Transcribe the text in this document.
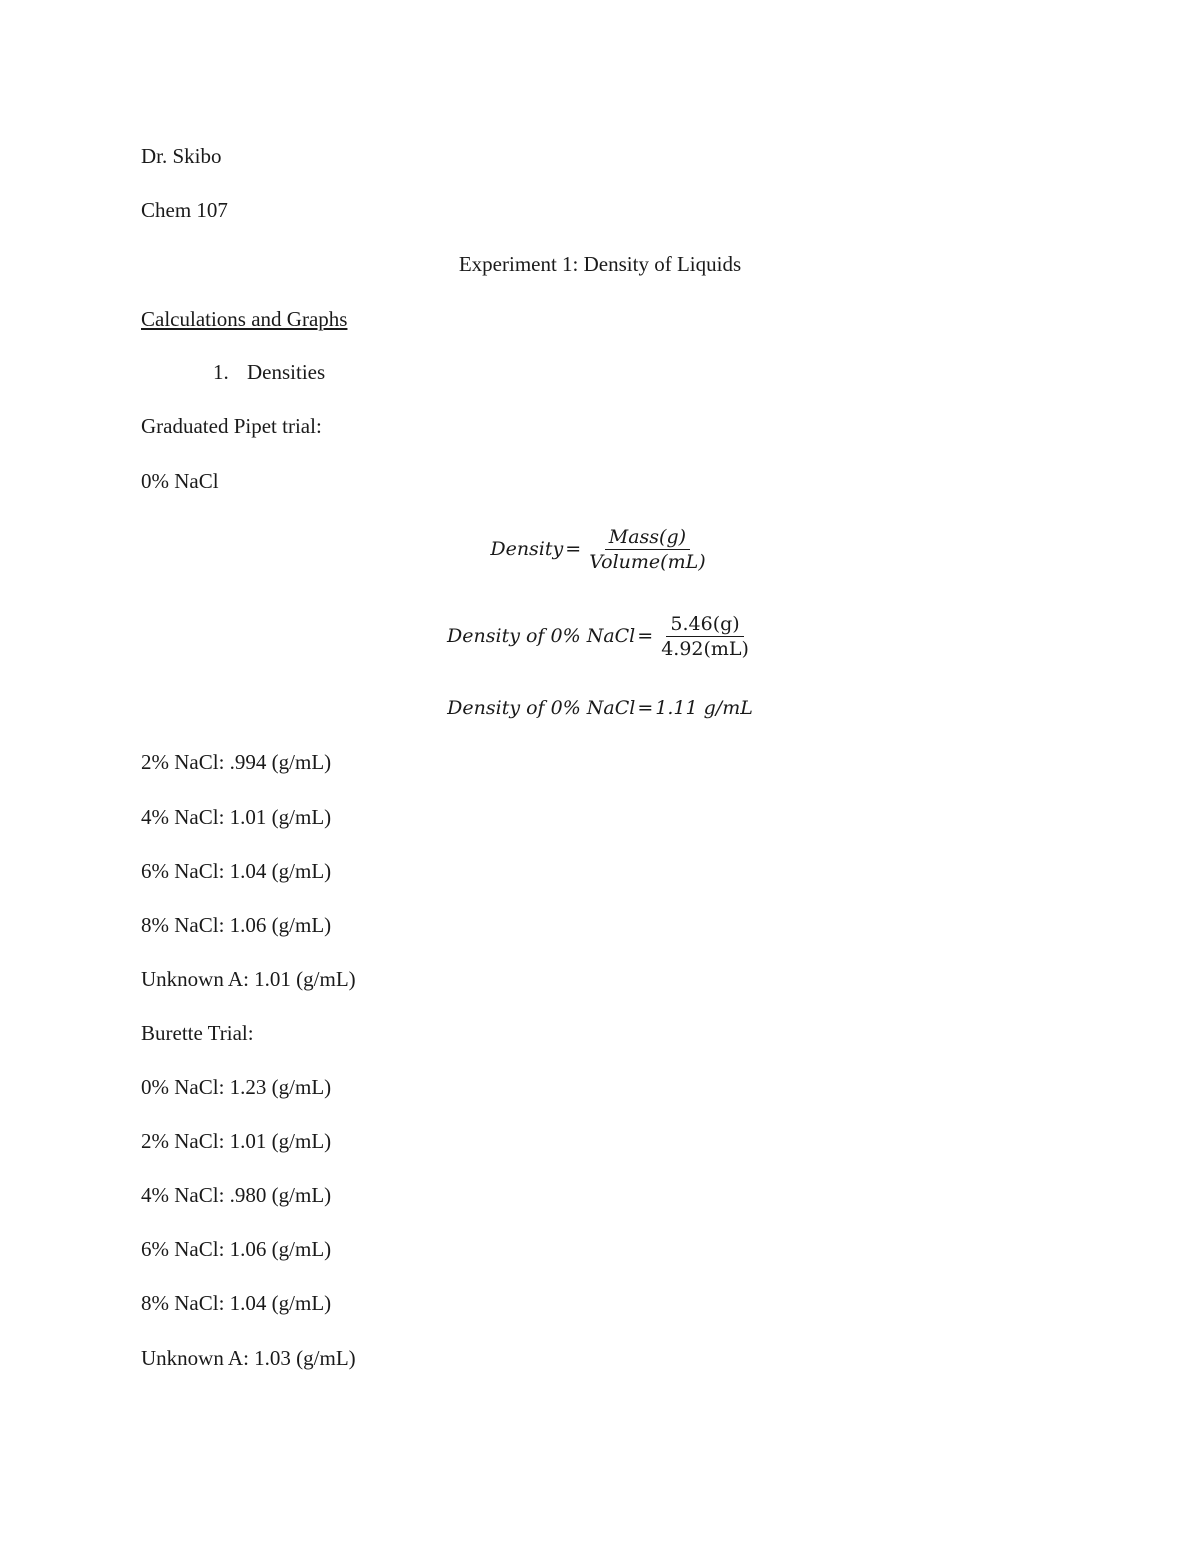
Dr. Skibo
Chem 107
Experiment 1: Density of Liquids
Calculations and Graphs
1. Densities
Graduated Pipet trial:
0% NaCl
Density = $\frac{\text{Mass(g)}}{\text{Volume(mL)}}$
Density of 0% NaCl = $\frac{5.46(g)}{4.92(mL)}$
Density of 0% NaCl = 1.11 g/mL
2% NaCl: .994 (g/mL)
4% NaCl: 1.01 (g/mL)
6% NaCl: 1.04 (g/mL)
8% NaCl: 1.06 (g/mL)
Unknown A: 1.01 (g/mL)
Burette Trial:
0% NaCl: 1.23 (g/mL)
2% NaCl: 1.01 (g/mL)
4% NaCl: .980 (g/mL)
6% NaCl: 1.06 (g/mL)
8% NaCl: 1.04 (g/mL)
Unknown A: 1.03 (g/mL)
